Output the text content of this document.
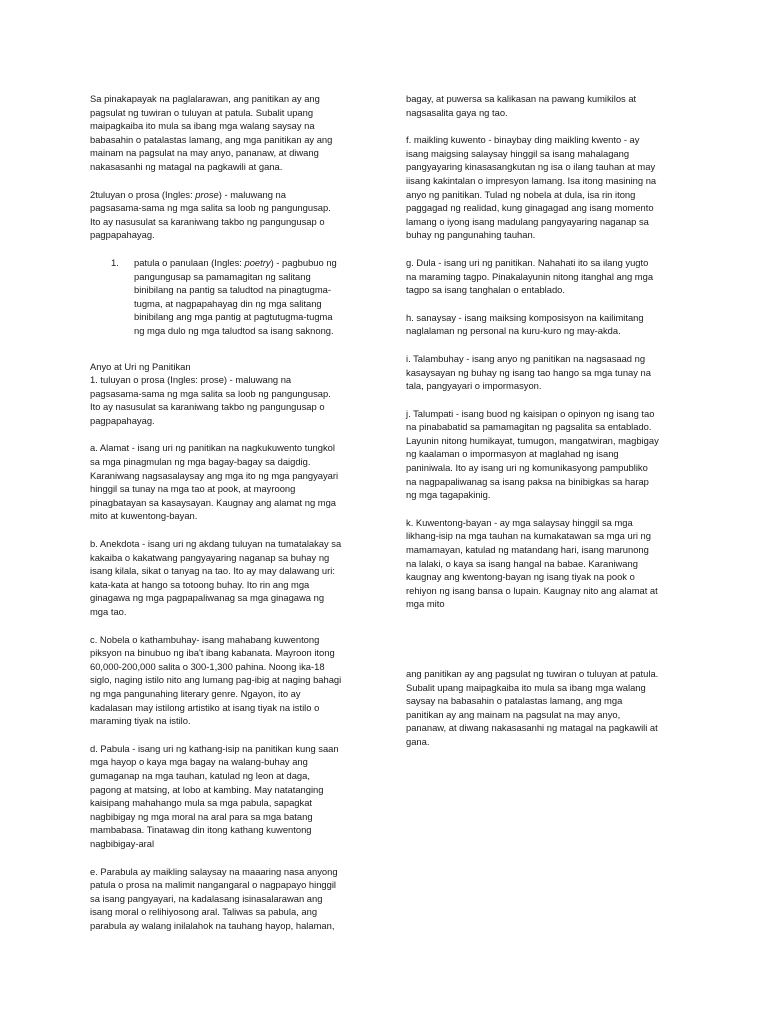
Sa pinakapayak na paglalarawan, ang panitikan ay ang
pagsulat ng tuwiran o tuluyan at patula. Subalit upang
maipagkaiba ito mula sa ibang mga walang saysay na
babasahin o patalastas lamang, ang mga panitikan ay ang
mainam na pagsulat na may anyo, pananaw, at diwang
nakasasanhi ng matagal na pagkawili at gana.

2tuluyan o prosa (Ingles: prose) - maluwang na
pagsasama-sama ng mga salita sa loob ng pangungusap.
Ito ay nasusulat sa karaniwang takbo ng pangungusap o
pagpapahayag.

1.	patula o panulaan (Ingles: poetry) - pagbubuo ng
pangungusap sa pamamagitan ng salitang
binibilang na pantig sa taludtod na pinagtugma-
tugma, at nagpapahayag din ng mga salitang
binibilang ang mga pantig at pagtutugma-tugma
ng mga dulo ng mga taludtod sa isang saknong.

Anyo at Uri ng Panitikan

1. tuluyan o prosa (Ingles: prose) - maluwang na
pagsasama-sama ng mga salita sa loob ng pangungusap.
Ito ay nasusulat sa karaniwang takbo ng pangungusap o
pagpapahayag.

a. Alamat - isang uri ng panitikan na nagkukuwento tungkol
sa mga pinagmulan ng mga bagay-bagay sa daigdig.
Karaniwang nagsasalaysay ang mga ito ng mga pangyayari
hinggil sa tunay na mga tao at pook, at mayroong
pinagbatayan sa kasaysayan. Kaugnay ang alamat ng mga
mito at kuwentong-bayan.

b. Anekdota - isang uri ng akdang tuluyan na tumatalakay sa
kakaiba o kakatwang pangyayaring naganap sa buhay ng
isang kilala, sikat o tanyag na tao. Ito ay may dalawang uri:
kata-kata at hango sa totoong buhay. Ito rin ang mga
ginagawa ng mga pagpapaliwanag sa mga ginagawa ng
mga tao.

c. Nobela o kathambuhay- isang mahabang kuwentong
piksyon na binubuo ng iba't ibang kabanata. Mayroon itong
60,000-200,000 salita o 300-1,300 pahina. Noong ika-18
siglo, naging istilo nito ang lumang pag-ibig at naging bahagi
ng mga pangunahing literary genre. Ngayon, ito ay
kadalasan may istilong artistiko at isang tiyak na istilo o
maraming tiyak na istilo.

d. Pabula - isang uri ng kathang-isip na panitikan kung saan
mga hayop o kaya mga bagay na walang-buhay ang
gumaganap na mga tauhan, katulad ng leon at daga,
pagong at matsing, at lobo at kambing. May natatanging
kaisipang mahahango mula sa mga pabula, sapagkat
nagbibigay ng mga moral na aral para sa mga batang
mambabasa. Tinatawag din itong kathang kuwentong
nagbibigay-aral

e. Parabula ay maikling salaysay na maaaring nasa anyong
patula o prosa na malimit nangangaral o nagpapayo hinggil
sa isang pangyayari, na kadalasang isinasalarawan ang
isang moral o relihiyosong aral. Taliwas sa pabula, ang
parabula ay walang inilalahok na tauhang hayop, halaman,

bagay, at puwersa sa kalikasan na pawang kumikilos at
nagsasalita gaya ng tao.

f. maikling kuwento - binaybay ding maikling kwento - ay
isang maigsing salaysay hinggil sa isang mahalagang
pangyayaring kinasasangkutan ng isa o ilang tauhan at may
iisang kakintalan o impresyon lamang. Isa itong masining na
anyo ng panitikan. Tulad ng nobela at dula, isa rin itong
paggagad ng realidad, kung ginagagad ang isang momento
lamang o iyong isang madulang pangyayaring naganap sa
buhay ng pangunahing tauhan.

g. Dula - isang uri ng panitikan. Nahahati ito sa ilang yugto
na maraming tagpo. Pinakalayunin nitong itanghal ang mga
tagpo sa isang tanghalan o entablado.

h. sanaysay - isang maiksing komposisyon na kailimitang
naglalaman ng personal na kuru-kuro ng may-akda.

i. Talambuhay - isang anyo ng panitikan na nagsasaad ng
kasaysayan ng buhay ng isang tao hango sa mga tunay na
tala, pangyayari o impormasyon.

j. Talumpati - isang buod ng kaisipan o opinyon ng isang tao
na pinababatid sa pamamagitan ng pagsalita sa entablado.
Layunin nitong humikayat, tumugon, mangatwiran, magbigay
ng kaalaman o impormasyon at maglahad ng isang
paniniwala. Ito ay isang uri ng komunikasyong pampubliko
na nagpapaliwanag sa isang paksa na binibigkas sa harap
ng mga tagapakinig.

k. Kuwentong-bayan - ay mga salaysay hinggil sa mga
likhang-isip na mga tauhan na kumakatawan sa mga uri ng
mamamayan, katulad ng matandang hari, isang marunong
na lalaki, o kaya sa isang hangal na babae. Karaniwang
kaugnay ang kwentong-bayan ng isang tiyak na pook o
rehiyon ng isang bansa o lupain. Kaugnay nito ang alamat at
mga mito

ang panitikan ay ang pagsulat ng tuwiran o tuluyan at patula.
Subalit upang maipagkaiba ito mula sa ibang mga walang
saysay na babasahin o patalastas lamang, ang mga
panitikan ay ang mainam na pagsulat na may anyo,
pananaw, at diwang nakasasanhi ng matagal na pagkawili at
gana.
